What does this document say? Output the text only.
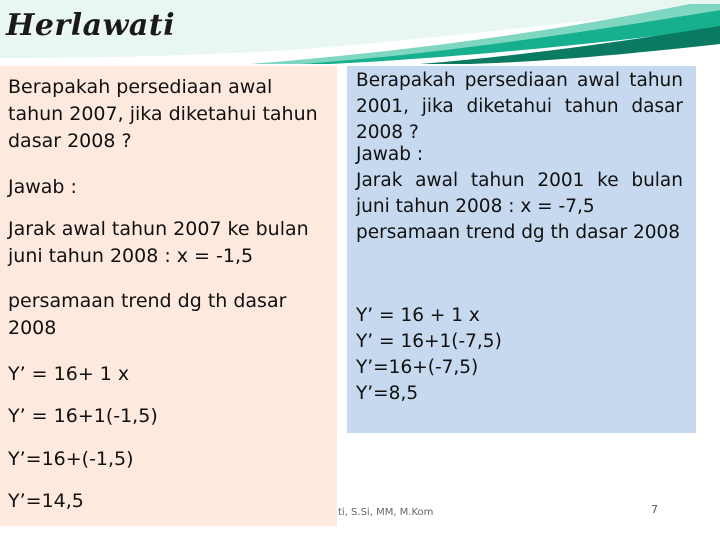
Herlawati
Berapakah persediaan awal tahun 2007, jika diketahui tahun dasar 2008 ?
Jawab :
Jarak awal tahun 2007 ke bulan juni tahun 2008 : x = -1,5
persamaan trend dg th dasar 2008
Y’ = 16+ 1 x
Y’ = 16+1(-1,5)
Y’=16+(-1,5)
Y’=14,5
Berapakah persediaan awal tahun 2001, jika diketahui tahun dasar 2008 ?
Jawab :
Jarak awal tahun 2001 ke bulan juni tahun 2008 : x = -7,5
persamaan trend dg th dasar 2008
Y’ = 16 + 1 x
Y’ = 16+1(-7,5)
Y’=16+(-7,5)
Y’=8,5
ti, S.Si, MM, M.Kom	7
